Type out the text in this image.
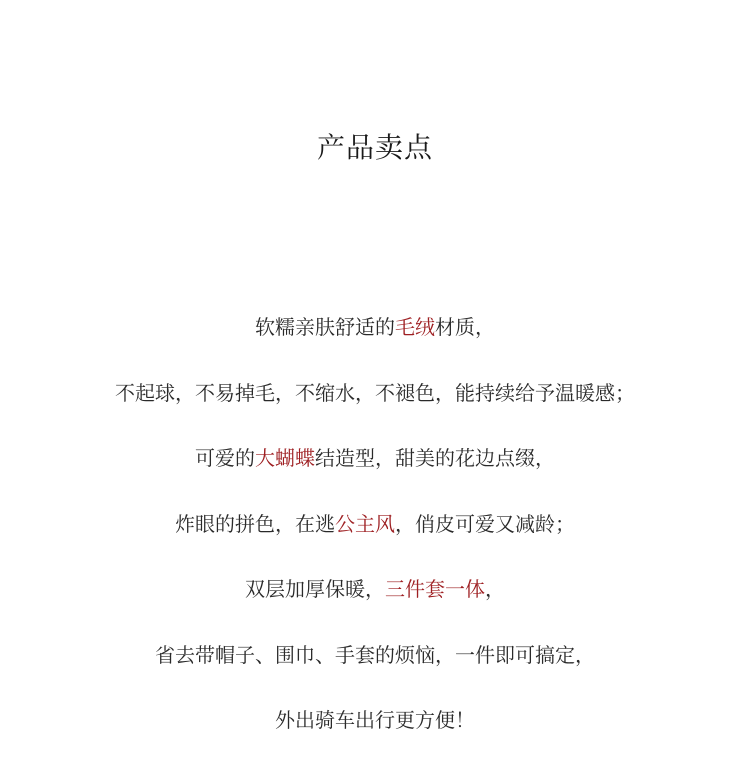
产品卖点
软糯亲肤舒适的毛绒材质，
不起球，不易掉毛，不缩水，不褪色，能持续给予温暖感；
可爱的大蝴蝶结造型，甜美的花边点缀，
炸眼的拼色，在逃公主风，俏皮可爱又减龄；
双层加厚保暖，三件套一体，
省去带帽子、围巾、手套的烦恼，一件即可搞定，
外出骑车出行更方便！
